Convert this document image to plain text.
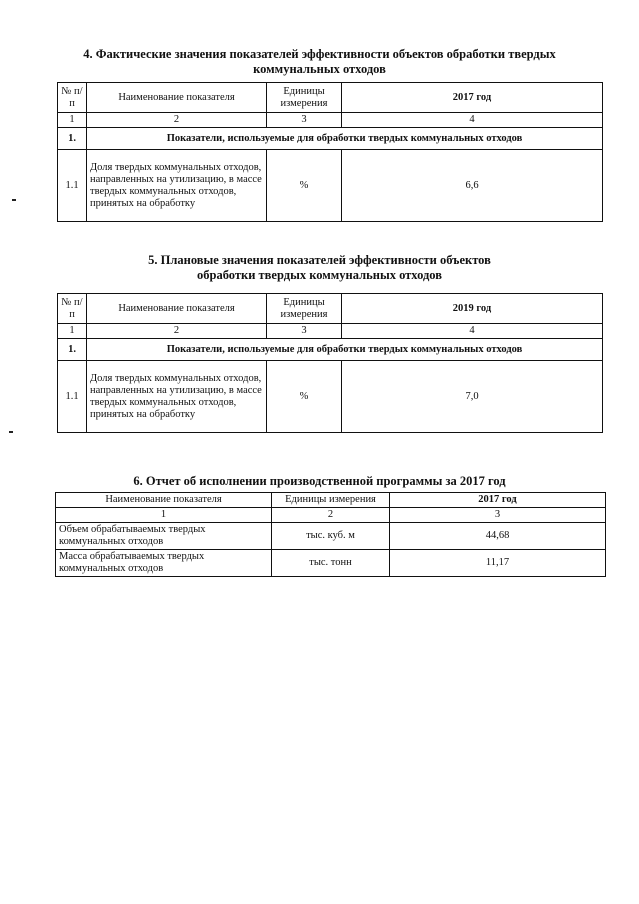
4. Фактические значения показателей эффективности объектов обработки твердых
коммунальных отходов
№ п/п	Наименование показателя	Единицы измерения	2017 год
1	2	3	4
1.	Показатели, используемые для обработки твердых коммунальных отходов		
1.1	Доля твердых коммунальных отходов, направленных на утилизацию, в массе твердых коммунальных отходов, принятых на обработку	%	6,6
5. Плановые значения показателей эффективности объектов
обработки твердых коммунальных отходов
№ п/п	Наименование показателя	Единицы измерения	2019 год
1	2	3	4
1.	Показатели, используемые для обработки твердых коммунальных отходов		
1.1	Доля твердых коммунальных отходов, направленных на утилизацию, в массе твердых коммунальных отходов, принятых на обработку	%	7,0
6. Отчет об исполнении производственной программы за 2017 год
Наименование показателя	Единицы измерения	2017 год
1	2	3
Объем обрабатываемых твердых коммунальных отходов	тыс. куб. м	44,68
Масса обрабатываемых твердых коммунальных отходов	тыс. тонн	11,17
